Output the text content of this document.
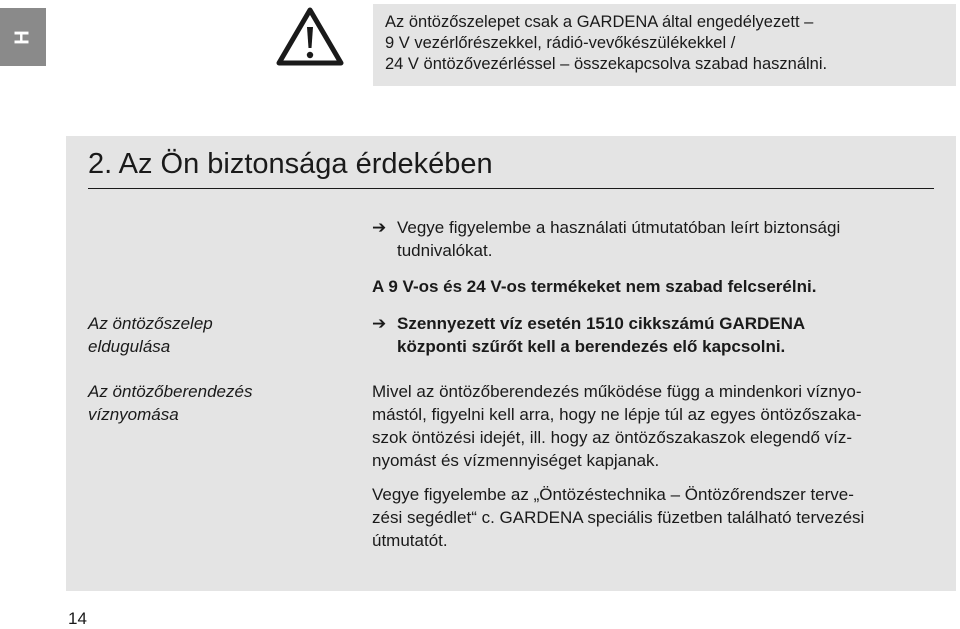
H
Az öntözőszelepet csak a GARDENA által engedélyezett –
9 V vezérlőrészekkel, rádió-vevőkészülékekkel /
24 V öntözővezérléssel – összekapcsolva szabad használni.
2. Az Ön biztonsága érdekében
➔ Vegye figyelembe a használati útmutatóban leírt biztonsági
tudnivalókat.
A 9 V-os és 24 V-os termékeket nem szabad felcserélni.
Az öntözőszelep
eldugulása
➔ Szennyezett víz esetén 1510 cikkszámú GARDENA
központi szűrőt kell a berendezés elő kapcsolni.
Az öntözőberendezés
víznyomása
Mivel az öntözőberendezés működése függ a mindenkori víznyo-
mástól, figyelni kell arra, hogy ne lépje túl az egyes öntözőszaka-
szok öntözési idejét, ill. hogy az öntözőszakaszok elegendő víz-
nyomást és vízmennyiséget kapjanak.
Vegye figyelembe az „Öntözéstechnika – Öntözőrendszer terve-
zési segédlet“ c. GARDENA speciális füzetben található tervezési
útmutatót.
14
